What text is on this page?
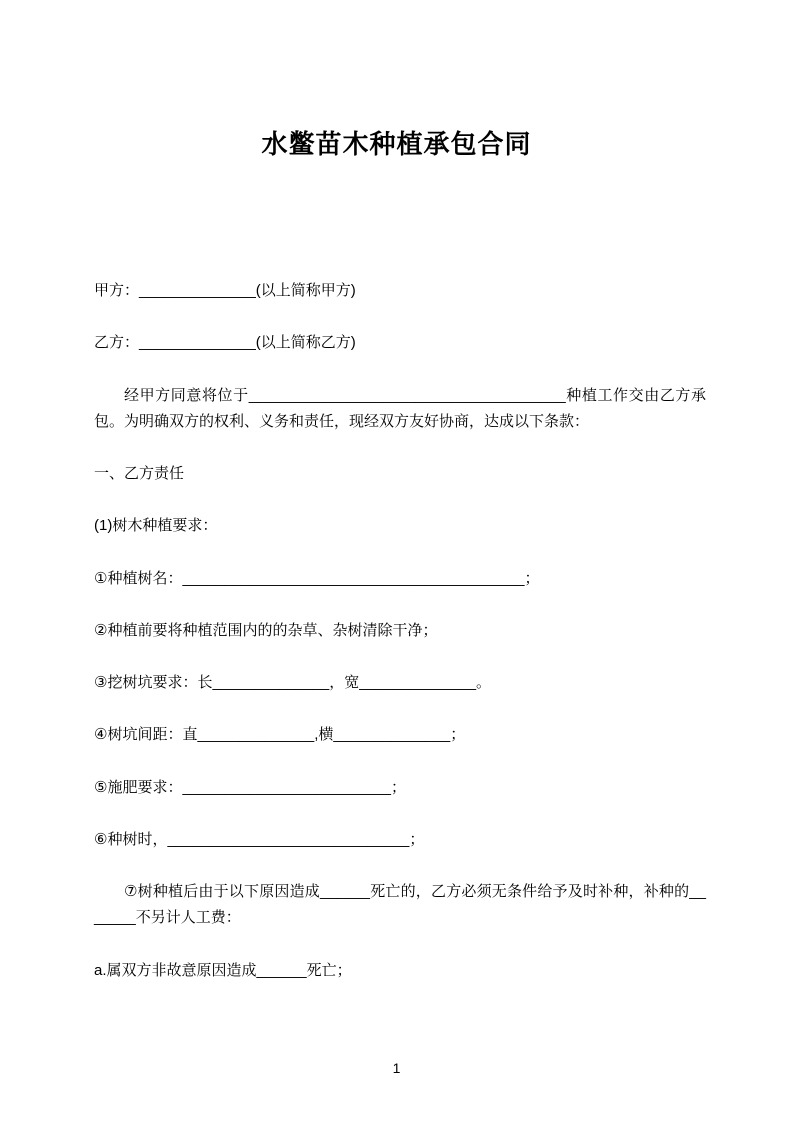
水鳖苗木种植承包合同

甲方：______________(以上简称甲方)

乙方：______________(以上简称乙方)

经甲方同意将位于______________________________________种植工作交由乙方承包。为明确双方的权利、义务和责任，现经双方友好协商，达成以下条款：

一、乙方责任

(1)树木种植要求：

①种植树名：_________________________________________；

②种植前要将种植范围内的的杂草、杂树清除干净；

③挖树坑要求：长______________，宽______________。

④树坑间距：直______________,横______________；

⑤施肥要求：_________________________；

⑥种树时，_____________________________；

⑦树种植后由于以下原因造成______死亡的，乙方必须无条件给予及时补种，补种的_______不另计人工费：

a.属双方非故意原因造成______死亡；

1
